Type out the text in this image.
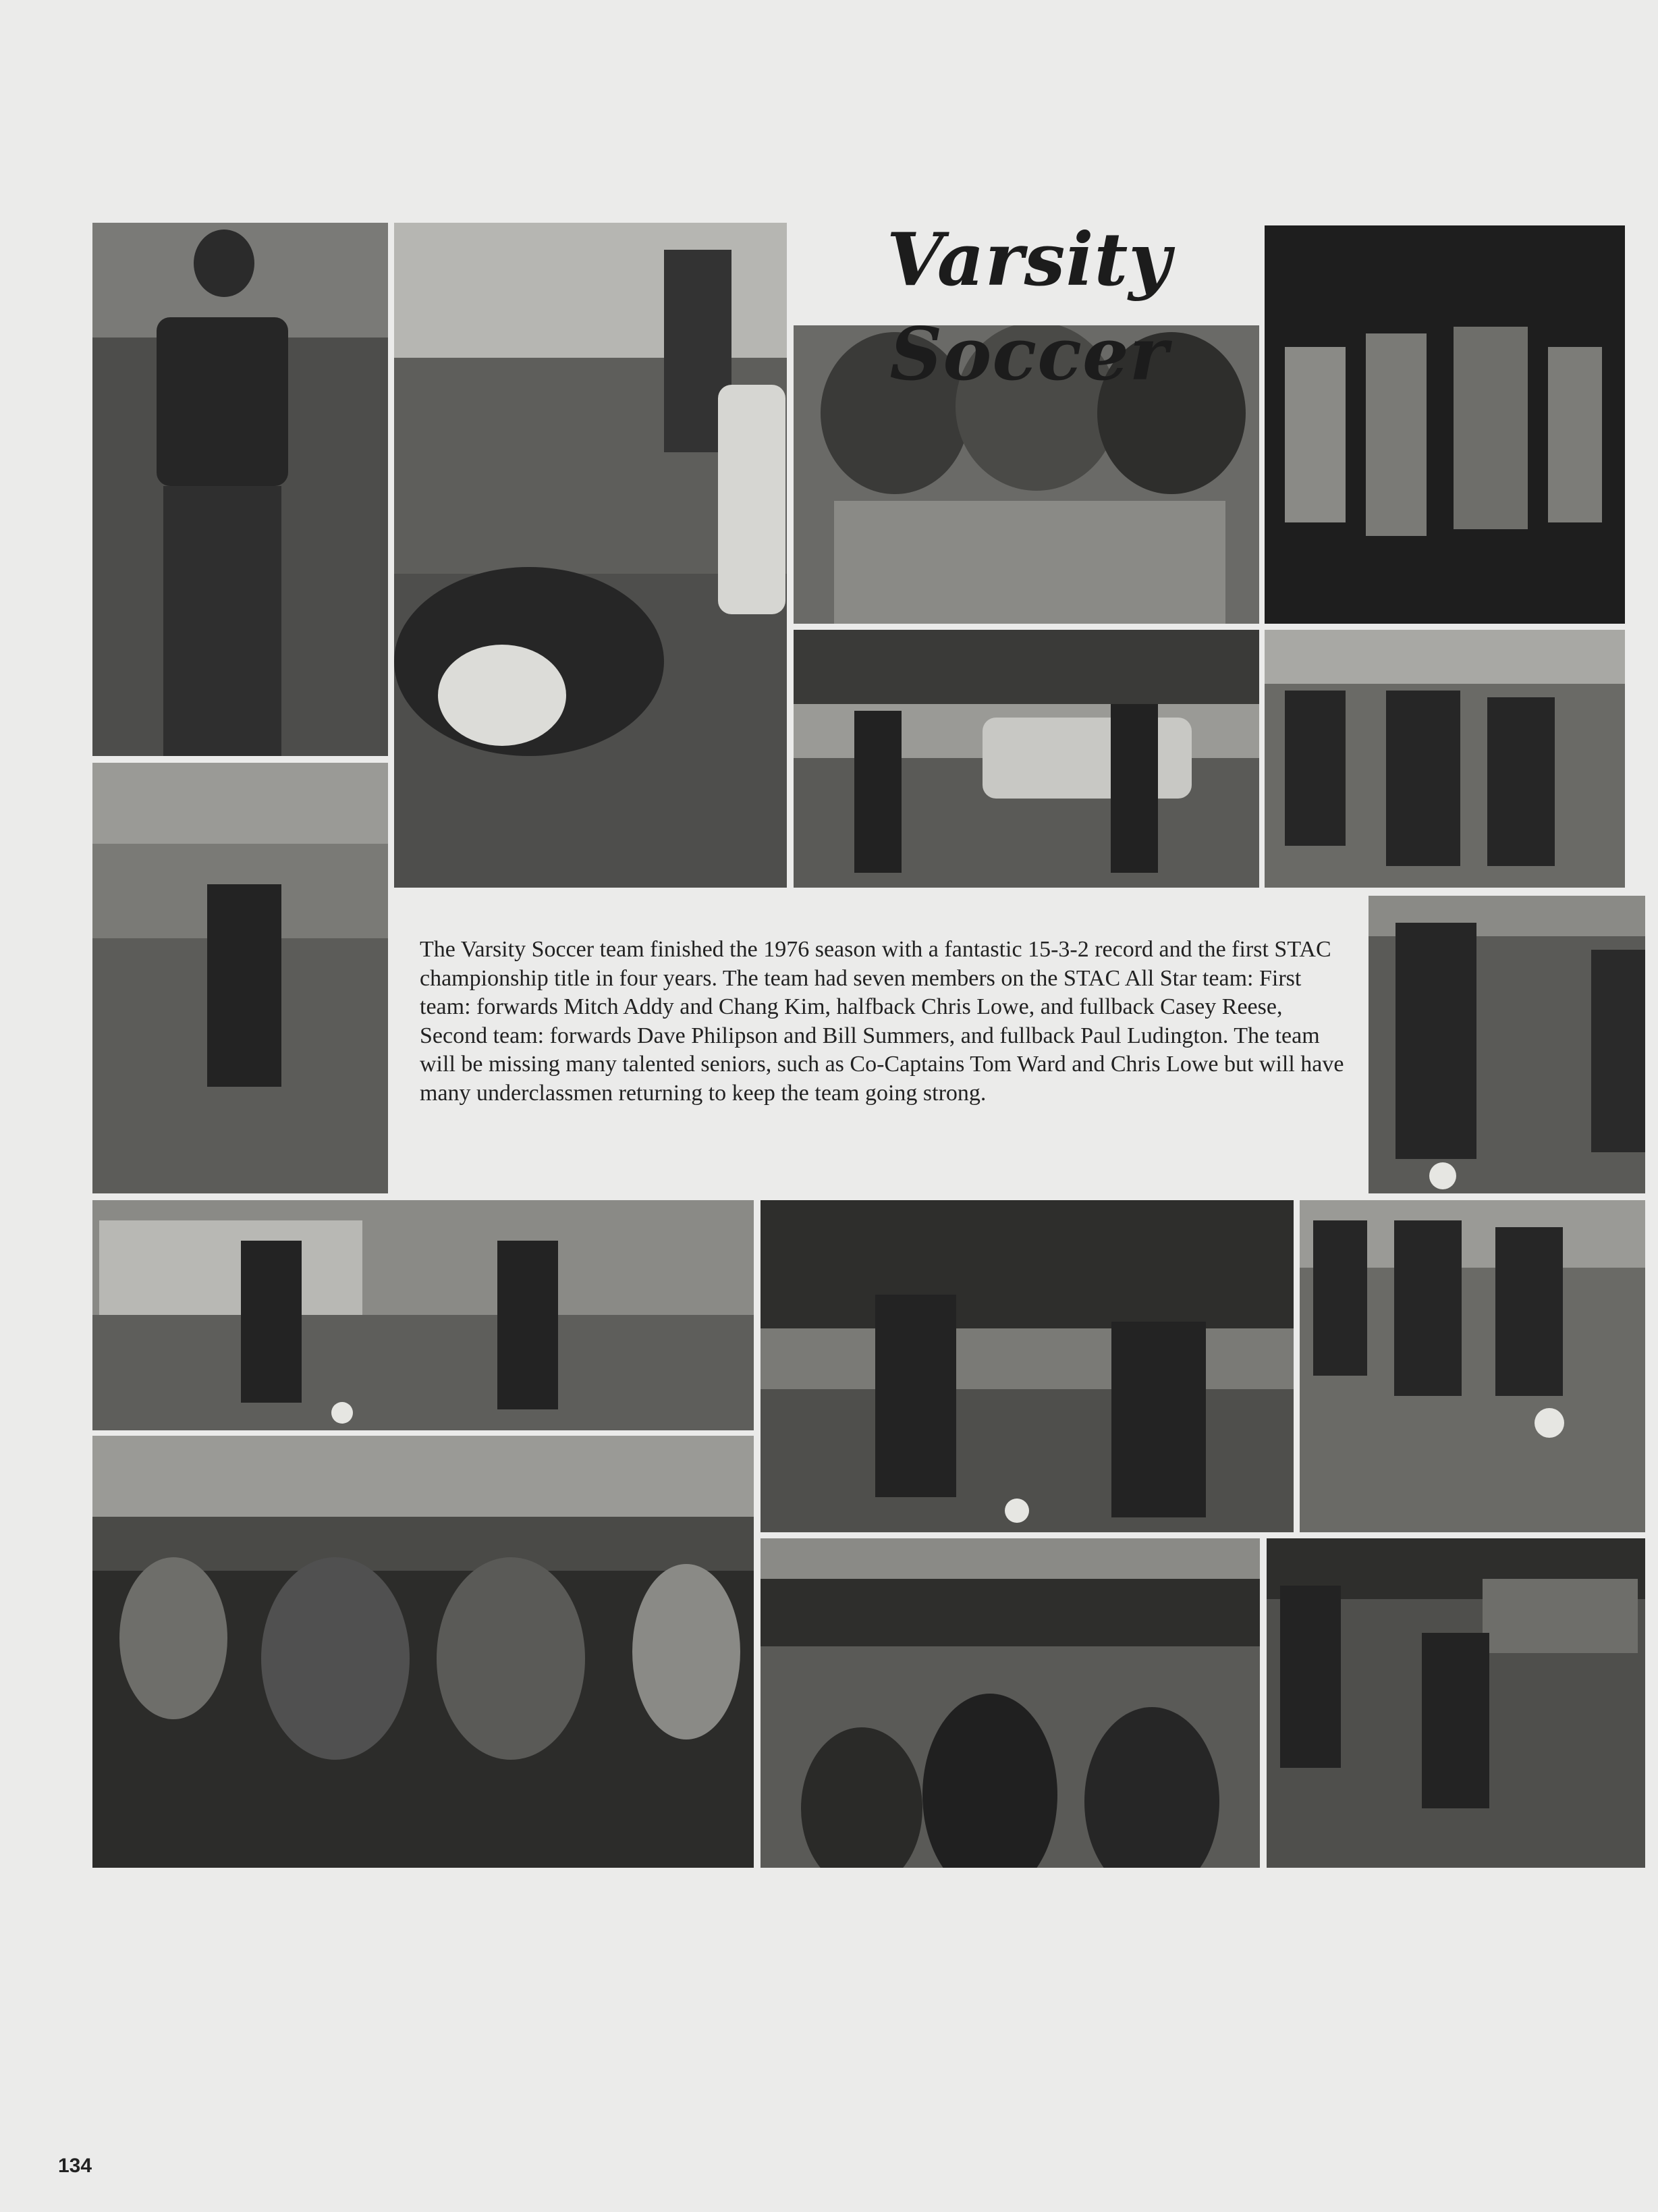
Varsity Soccer
The Varsity Soccer team finished the 1976 season with a fantastic 15-3-2 record and the first STAC championship title in four years. The team had seven members on the STAC All Star team: First team: forwards Mitch Addy and Chang Kim, halfback Chris Lowe, and fullback Casey Reese, Second team: forwards Dave Philipson and Bill Summers, and fullback Paul Ludington. The team will be missing many talented seniors, such as Co-Captains Tom Ward and Chris Lowe but will have many underclassmen returning to keep the team going strong.
134
